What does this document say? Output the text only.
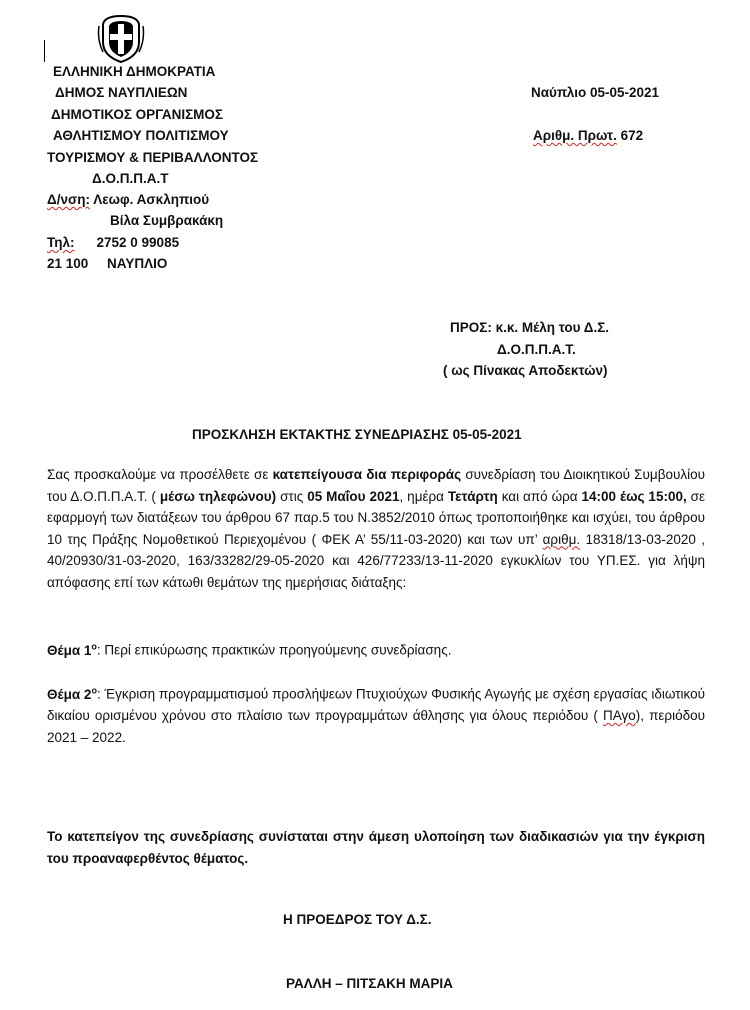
ΕΛΛΗΝΙΚΗ ΔΗΜΟΚΡΑΤΙΑ
ΔΗΜΟΣ ΝΑΥΠΛΙΕΩΝ
ΔΗΜΟΤΙΚΟΣ ΟΡΓΑΝΙΣΜΟΣ
ΑΘΛΗΤΙΣΜΟΥ ΠΟΛΙΤΙΣΜΟΥ
ΤΟΥΡΙΣΜΟΥ & ΠΕΡΙΒΑΛΛΟΝΤΟΣ
Δ.Ο.Π.Π.Α.Τ
Δ/νση: Λεωφ. Ασκληπιού
Βίλα Συμβρακάκη
Τηλ: 2752 0 99085
21 100     ΝΑΥΠΛΙΟ
Ναύπλιο 05-05-2021
Αριθμ. Πρωτ. 672
ΠΡΟΣ: κ.κ. Μέλη του Δ.Σ.
Δ.Ο.Π.Π.Α.Τ.
( ως Πίνακας Αποδεκτών)
ΠΡΟΣΚΛΗΣΗ ΕΚΤΑΚΤΗΣ ΣΥΝΕΔΡΙΑΣΗΣ 05-05-2021

Σας προσκαλούμε να προσέλθετε σε κατεπείγουσα δια περιφοράς συνεδρίαση του Διοικητικού Συμβουλίου του Δ.Ο.Π.Π.Α.Τ. ( μέσω τηλεφώνου) στις 05 Μαΐου 2021, ημέρα Τετάρτη και από ώρα 14:00 έως 15:00, σε εφαρμογή των διατάξεων του άρθρου 67 παρ.5 του Ν.3852/2010 όπως τροποποιήθηκε και ισχύει, του άρθρου 10 της Πράξης Νομοθετικού Περιεχομένου ( ΦΕΚ Α’ 55/11-03-2020) και των υπ’ αριθμ. 18318/13-03-2020 , 40/20930/31-03-2020, 163/33282/29-05-2020 και 426/77233/13-11-2020 εγκυκλίων του ΥΠ.ΕΣ. για λήψη απόφασης επί των κάτωθι θεμάτων της ημερήσιας διάταξης:

Θέμα $1^o$: Περί επικύρωσης πρακτικών προηγούμενης συνεδρίασης.

Θέμα $2^o$: Έγκριση προγραμματισμού προσλήψεων Πτυχιούχων Φυσικής Αγωγής με σχέση εργασίας ιδιωτικού δικαίου ορισμένου χρόνου στο πλαίσιο των προγραμμάτων άθλησης για όλους περιόδου ( ΠΑγο), περιόδου 2021 – 2022.

Το κατεπείγον της συνεδρίασης συνίσταται στην άμεση υλοποίηση των διαδικασιών για την έγκριση του προαναφερθέντος θέματος.
Η ΠΡΟΕΔΡΟΣ ΤΟΥ Δ.Σ.
ΡΑΛΛΗ – ΠΙΤΣΑΚΗ ΜΑΡΙΑ
